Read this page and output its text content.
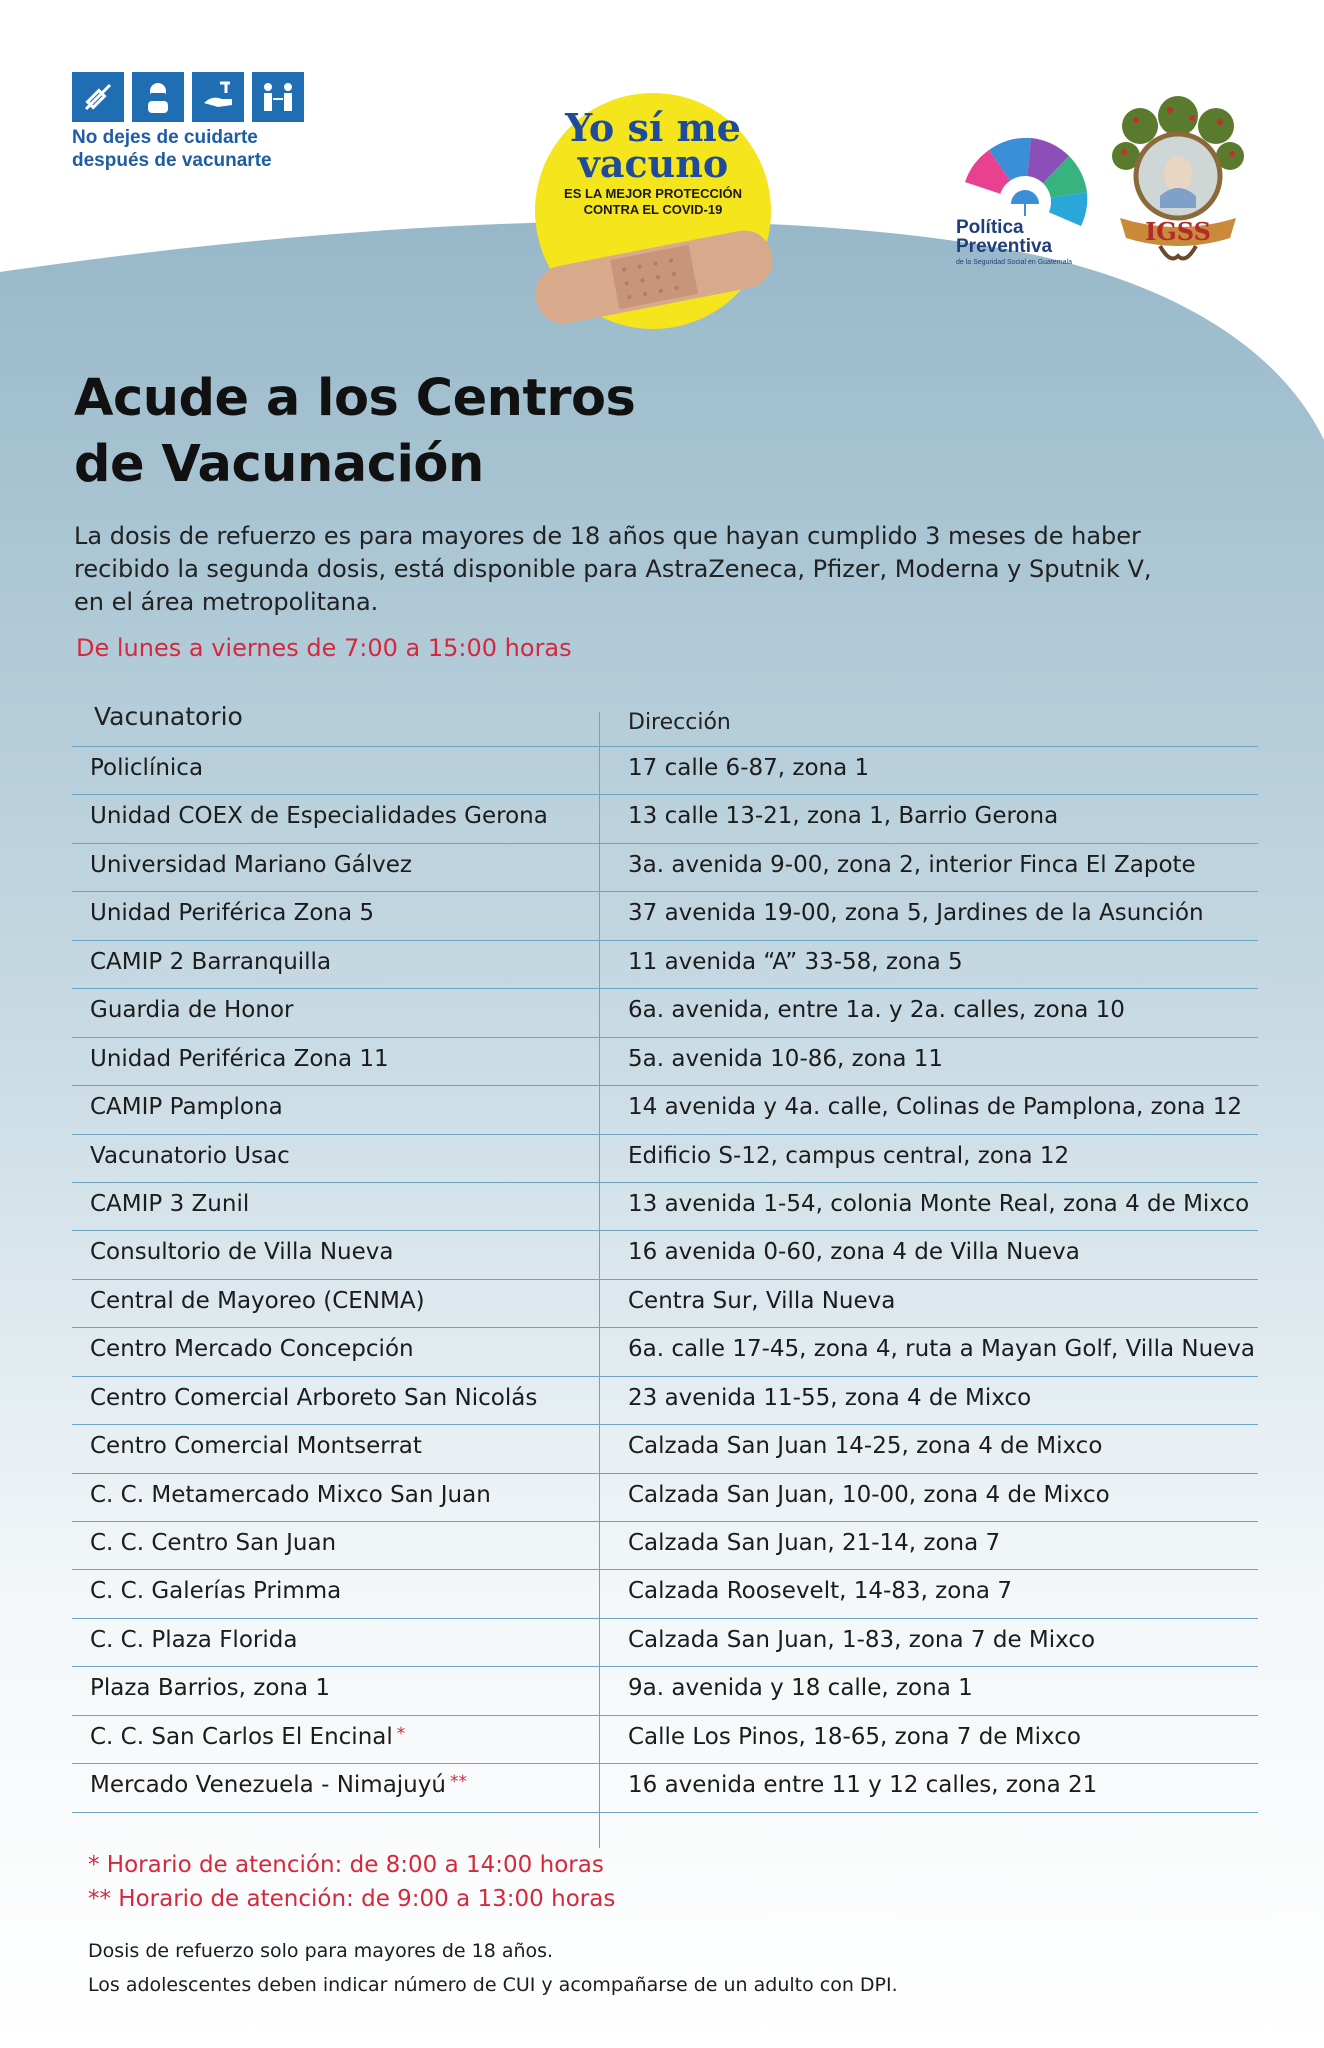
No dejes de cuidarte
después de vacunarte
Yo sí me
vacuno
ES LA MEJOR PROTECCIÓN
CONTRA EL COVID-19
Política
Preventiva
de la Seguridad Social en Guatemala
IGSS
Acude a los Centros
de Vacunación
La dosis de refuerzo es para mayores de 18 años que hayan cumplido 3 meses de haber
recibido la segunda dosis, está disponible para AstraZeneca, Pfizer, Moderna y Sputnik V,
en el área metropolitana.
De lunes a viernes de 7:00 a 15:00 horas
Vacunatorio	Dirección
Policlínica	17 calle 6-87, zona 1
Unidad COEX de Especialidades Gerona	13 calle 13-21, zona 1, Barrio Gerona
Universidad Mariano Gálvez	3a. avenida 9-00, zona 2, interior Finca El Zapote
Unidad Periférica Zona 5	37 avenida 19-00, zona 5, Jardines de la Asunción
CAMIP 2 Barranquilla	11 avenida “A” 33-58, zona 5
Guardia de Honor	6a. avenida, entre 1a. y 2a. calles, zona 10
Unidad Periférica Zona 11	5a. avenida 10-86, zona 11
CAMIP Pamplona	14 avenida y 4a. calle, Colinas de Pamplona, zona 12
Vacunatorio Usac	Edificio S-12, campus central, zona 12
CAMIP 3 Zunil	13 avenida 1-54, colonia Monte Real, zona 4 de Mixco
Consultorio de Villa Nueva	16 avenida 0-60, zona 4 de Villa Nueva
Central de Mayoreo (CENMA)	Centra Sur, Villa Nueva
Centro Mercado Concepción	6a. calle 17-45, zona 4, ruta a Mayan Golf, Villa Nueva
Centro Comercial Arboreto San Nicolás	23 avenida 11-55, zona 4 de Mixco
Centro Comercial Montserrat	Calzada San Juan 14-25, zona 4 de Mixco
C. C. Metamercado Mixco San Juan	Calzada San Juan, 10-00, zona 4 de Mixco
C. C. Centro San Juan	Calzada San Juan, 21-14, zona 7
C. C. Galerías Primma	Calzada Roosevelt, 14-83, zona 7
C. C. Plaza Florida	Calzada San Juan, 1-83, zona 7 de Mixco
Plaza Barrios, zona 1	9a. avenida y 18 calle, zona 1
C. C. San Carlos El Encinal *	Calle Los Pinos, 18-65, zona 7 de Mixco
Mercado Venezuela - Nimajuyú **	16 avenida entre 11 y 12 calles, zona 21
* Horario de atención: de 8:00 a 14:00 horas
** Horario de atención: de 9:00 a 13:00 horas
Dosis de refuerzo solo para mayores de 18 años.
Los adolescentes deben indicar número de CUI y acompañarse de un adulto con DPI.
